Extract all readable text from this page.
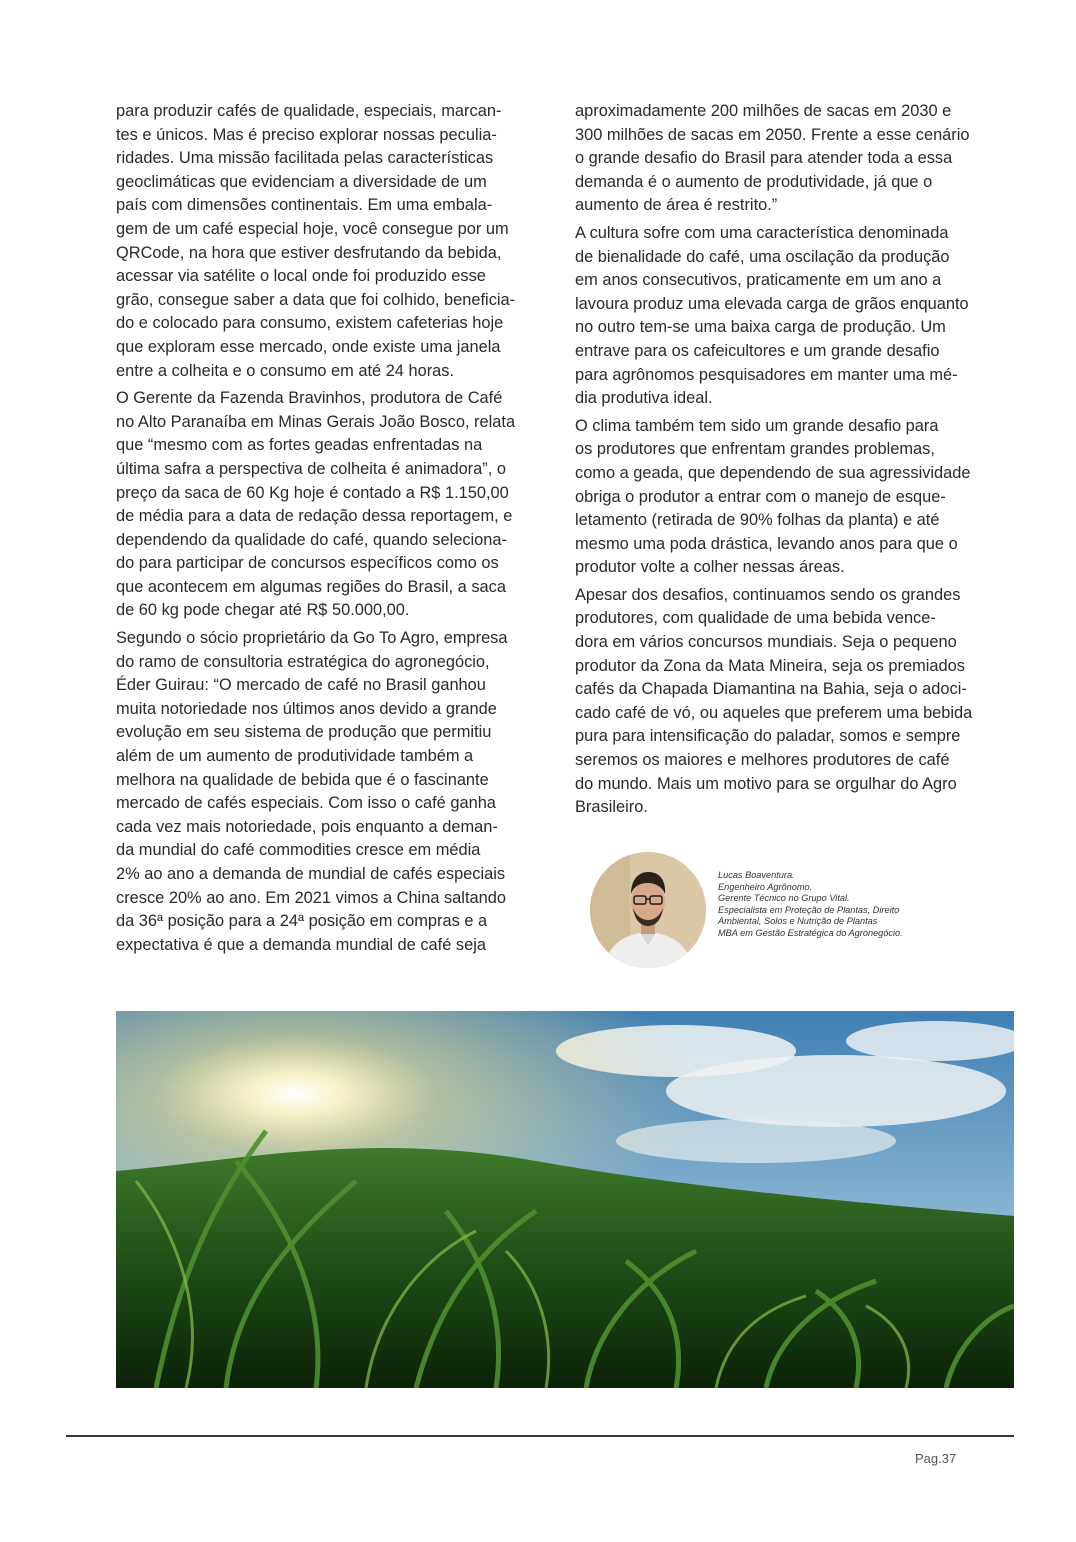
para produzir cafés de qualidade, especiais, marcan-
tes e únicos. Mas é preciso explorar nossas peculia-
ridades. Uma missão facilitada pelas características
geoclimáticas que evidenciam a diversidade de um
país com dimensões continentais. Em uma embala-
gem de um café especial hoje, você consegue por um
QRCode, na hora que estiver desfrutando da bebida,
acessar via satélite o local onde foi produzido esse
grão, consegue saber a data que foi colhido, beneficia-
do e colocado para consumo, existem cafeterias hoje
que exploram esse mercado, onde existe uma janela
entre a colheita e o consumo em até 24 horas.

O Gerente da Fazenda Bravinhos, produtora de Café
no Alto Paranaíba em Minas Gerais João Bosco, relata
que “mesmo com as fortes geadas enfrentadas na
última safra a perspectiva de colheita é animadora”, o
preço da saca de 60 Kg hoje é contado a R$ 1.150,00
de média para a data de redação dessa reportagem, e
dependendo da qualidade do café, quando seleciona-
do para participar de concursos específicos como os
que acontecem em algumas regiões do Brasil, a saca
de 60 kg pode chegar até R$ 50.000,00.

Segundo o sócio proprietário da Go To Agro, empresa
do ramo de consultoria estratégica do agronegócio,
Éder Guirau: “O mercado de café no Brasil ganhou
muita notoriedade nos últimos anos devido a grande
evolução em seu sistema de produção que permitiu
além de um aumento de produtividade também a
melhora na qualidade de bebida que é o fascinante
mercado de cafés especiais. Com isso o café ganha
cada vez mais notoriedade, pois enquanto a deman-
da mundial do café commodities cresce em média
2% ao ano a demanda de mundial de cafés especiais
cresce 20% ao ano. Em 2021 vimos a China saltando
da 36ª posição para a 24ª posição em compras e a
expectativa é que a demanda mundial de café seja

aproximadamente 200 milhões de sacas em 2030 e
300 milhões de sacas em 2050. Frente a esse cenário
o grande desafio do Brasil para atender toda a essa
demanda é o aumento de produtividade, já que o
aumento de área é restrito.”

A cultura sofre com uma característica denominada
de bienalidade do café, uma oscilação da produção
em anos consecutivos, praticamente em um ano a
lavoura produz uma elevada carga de grãos enquanto
no outro tem-se uma baixa carga de produção. Um
entrave para os cafeicultores e um grande desafio
para agrônomos pesquisadores em manter uma mé-
dia produtiva ideal.

O clima também tem sido um grande desafio para
os produtores que enfrentam grandes problemas,
como a geada, que dependendo de sua agressividade
obriga o produtor a entrar com o manejo de esque-
letamento (retirada de 90% folhas da planta) e até
mesmo uma poda drástica, levando anos para que o
produtor volte a colher nessas áreas.

Apesar dos desafios, continuamos sendo os grandes
produtores, com qualidade de uma bebida vence-
dora em vários concursos mundiais. Seja o pequeno
produtor da Zona da Mata Mineira, seja os premiados
cafés da Chapada Diamantina na Bahia, seja o adoci-
cado café de vó, ou aqueles que preferem uma bebida
pura para intensificação do paladar, somos e sempre
seremos os maiores e melhores produtores de café
do mundo. Mais um motivo para se orgulhar do Agro
Brasileiro.

Lucas Boaventura.
Engenheiro Agrônomo.
Gerente Técnico no Grupo Vital.
Especialista em Proteção de Plantas, Direito
Ambiental, Solos e Nutrição de Plantas
MBA em Gestão Estratégica do Agronegócio.
Pag.37
